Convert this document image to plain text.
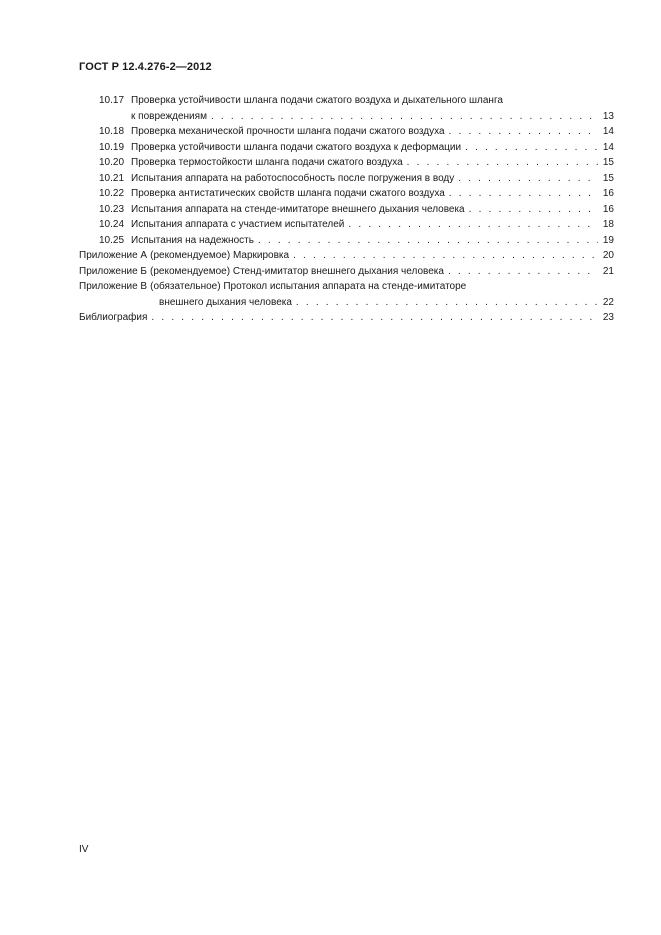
ГОСТ Р 12.4.276-2—2012
10.17 Проверка устойчивости шланга подачи сжатого воздуха и дыхательного шланга
к повреждениям . . .	13
10.18 Проверка механической прочности шланга подачи сжатого воздуха . . .	14
10.19 Проверка устойчивости шланга подачи сжатого воздуха к деформации . . .	14
10.20 Проверка термостойкости шланга подачи сжатого воздуха . . .	15
10.21 Испытания аппарата на работоспособность после погружения в воду . . .	15
10.22 Проверка антистатических свойств шланга подачи сжатого воздуха . . .	16
10.23 Испытания аппарата на стенде-имитаторе внешнего дыхания человека . . .	16
10.24 Испытания аппарата с участием испытателей . . .	18
10.25 Испытания на надежность . . .	19
Приложение А (рекомендуемое) Маркировка . . .	20
Приложение Б (рекомендуемое) Стенд-имитатор внешнего дыхания человека . . .	21
Приложение В (обязательное) Протокол испытания аппарата на стенде-имитаторе
внешнего дыхания человека . . .	22
Библиография . . .	23
IV
